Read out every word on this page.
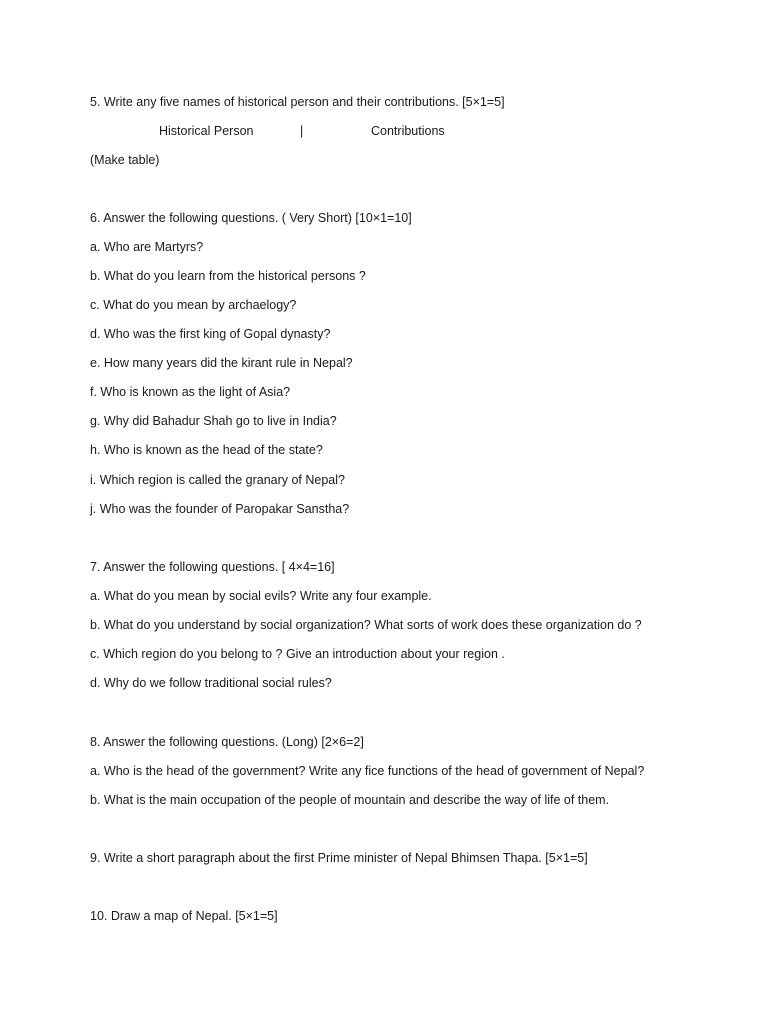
5. Write any five names of historical person and their contributions. [5×1=5]
Historical Person	|	Contributions
(Make table)
6. Answer the following questions. ( Very Short) [10×1=10]
a. Who are Martyrs?
b. What do you learn from the historical persons ?
c. What do you mean by archaelogy?
d. Who was the first king of Gopal dynasty?
e. How many years did the kirant rule in Nepal?
f. Who is known as the light of Asia?
g. Why did Bahadur Shah go to live in India?
h. Who is known as the head of the state?
i. Which region is called the granary of Nepal?
j. Who was the founder of Paropakar Sanstha?
7. Answer the following questions. [ 4×4=16]
a. What do you mean by social evils? Write any four example.
b. What do you understand by social organization? What sorts of work does these organization do ?
c. Which region do you belong to ? Give an introduction about your region .
d. Why do we follow traditional social rules?
8. Answer the following questions. (Long) [2×6=2]
a. Who is the head of the government? Write any fice functions of the head of government of Nepal?
b. What is the main occupation of the people of mountain and describe the way of life of them.
9. Write a short paragraph about the first Prime minister of Nepal Bhimsen Thapa. [5×1=5]
10. Draw a map of Nepal. [5×1=5]
